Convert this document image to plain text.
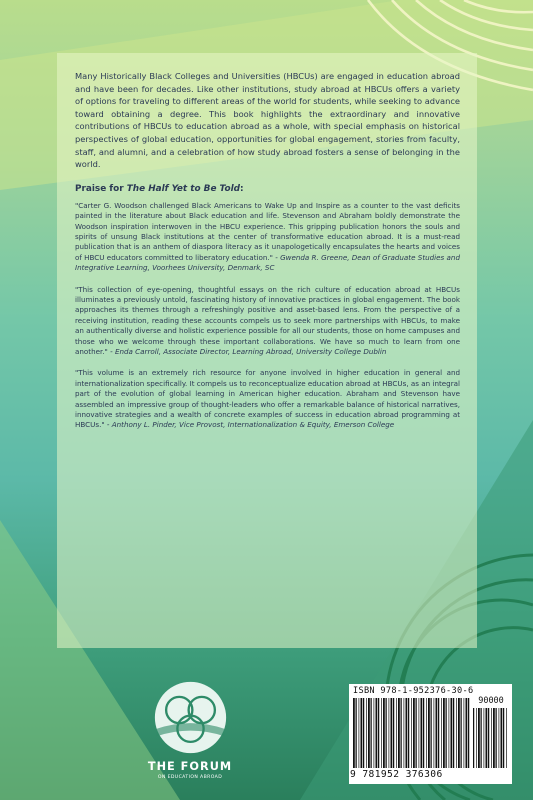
Many Historically Black Colleges and Universities (HBCUs) are engaged in education abroad and have been for decades. Like other institutions, study abroad at HBCUs offers a variety of options for traveling to different areas of the world for students, while seeking to advance toward obtaining a degree. This book highlights the extraordinary and innovative contributions of HBCUs to education abroad as a whole, with special emphasis on historical perspectives of global education, opportunities for global engagement, stories from faculty, staff, and alumni, and a celebration of how study abroad fosters a sense of belonging in the world.

Praise for The Half Yet to Be Told:

"Carter G. Woodson challenged Black Americans to Wake Up and Inspire as a counter to the vast deficits painted in the literature about Black education and life. Stevenson and Abraham boldly demonstrate the Woodson inspiration interwoven in the HBCU experience. This gripping publication honors the souls and spirits of unsung Black institutions at the center of transformative education abroad. It is a must-read publication that is an anthem of diaspora literacy as it unapologetically encapsulates the hearts and voices of HBCU educators committed to liberatory education." - Gwenda R. Greene, Dean of Graduate Studies and Integrative Learning, Voorhees University, Denmark, SC

"This collection of eye-opening, thoughtful essays on the rich culture of education abroad at HBCUs illuminates a previously untold, fascinating history of innovative practices in global engagement. The book approaches its themes through a refreshingly positive and asset-based lens. From the perspective of a receiving institution, reading these accounts compels us to seek more partnerships with HBCUs, to make an authentically diverse and holistic experience possible for all our students, those on home campuses and those who we welcome through these important collaborations. We have so much to learn from one another." - Enda Carroll, Associate Director, Learning Abroad, University College Dublin

"This volume is an extremely rich resource for anyone involved in higher education in general and internationalization specifically. It compels us to reconceptualize education abroad at HBCUs, as an integral part of the evolution of global learning in American higher education. Abraham and Stevenson have assembled an impressive group of thought-leaders who offer a remarkable balance of historical narratives, innovative strategies and a wealth of concrete examples of success in education abroad programming at HBCUs." - Anthony L. Pinder, Vice Provost, Internationalization & Equity, Emerson College

THE FORUM
ON EDUCATION ABROAD
ISBN 978-1-952376-30-6
90000
9 781952 376306
